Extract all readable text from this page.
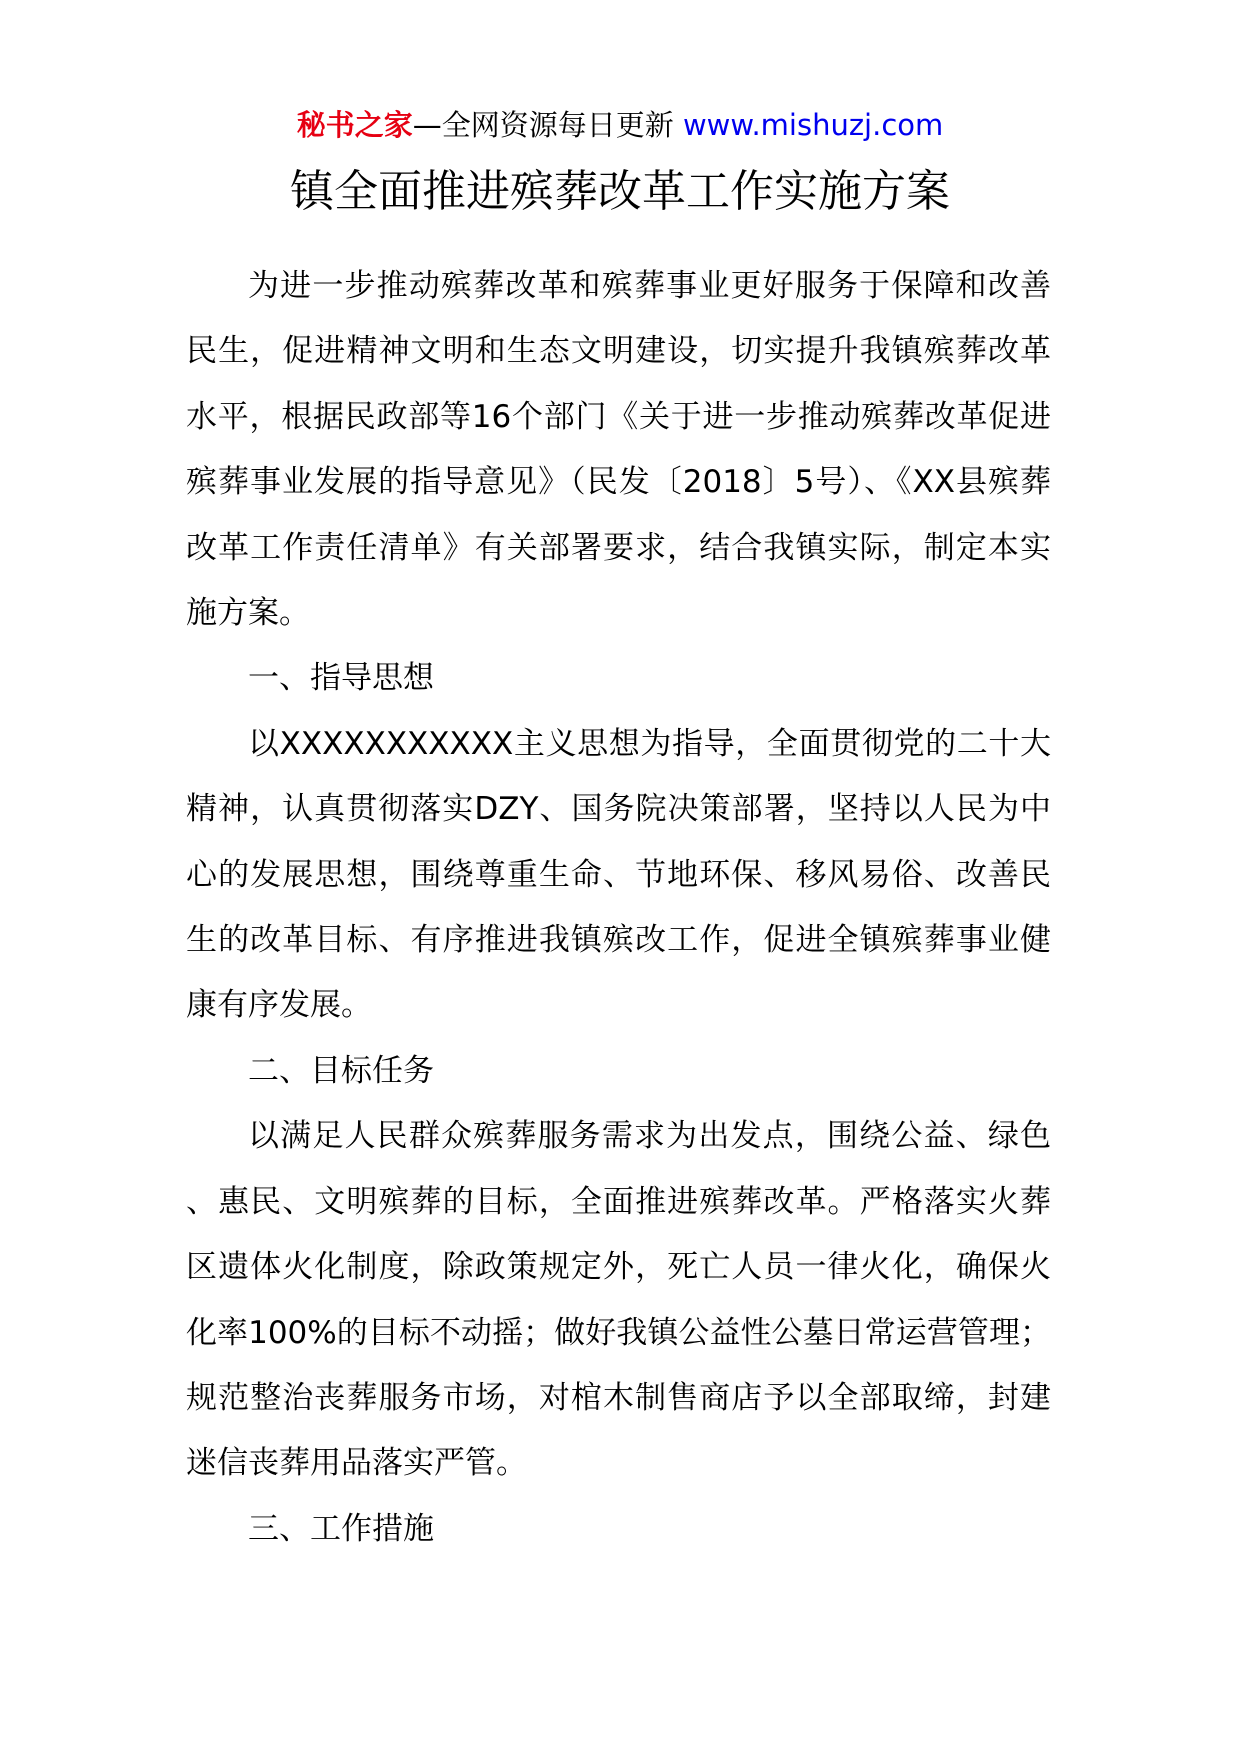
秘书之家—全网资源每日更新 www.mishuzj.com
镇全面推进殡葬改革工作实施方案

为进一步推动殡葬改革和殡葬事业更好服务于保障和改善民生，促进精神文明和生态文明建设，切实提升我镇殡葬改革水平，根据民政部等16个部门《关于进一步推动殡葬改革促进殡葬事业发展的指导意见》（民发〔2018〕5号）、《XX县殡葬改革工作责任清单》有关部署要求，结合我镇实际，制定本实施方案。

一、指导思想

以XXXXXXXXXXX主义思想为指导，全面贯彻党的二十大精神，认真贯彻落实DZY、国务院决策部署，坚持以人民为中心的发展思想，围绕尊重生命、节地环保、移风易俗、改善民生的改革目标、有序推进我镇殡改工作，促进全镇殡葬事业健康有序发展。

二、目标任务

以满足人民群众殡葬服务需求为出发点，围绕公益、绿色、惠民、文明殡葬的目标，全面推进殡葬改革。严格落实火葬区遗体火化制度，除政策规定外，死亡人员一律火化，确保火化率100%的目标不动摇；做好我镇公益性公墓日常运营管理；规范整治丧葬服务市场，对棺木制售商店予以全部取缔，封建迷信丧葬用品落实严管。

三、工作措施
